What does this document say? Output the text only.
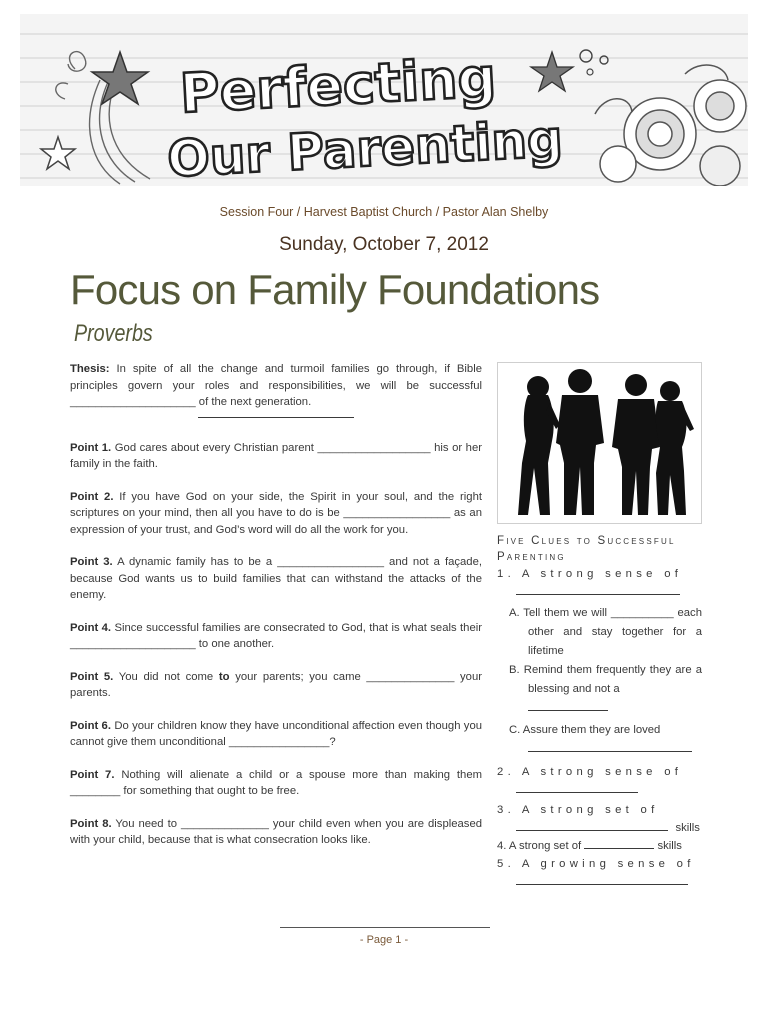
Perfecting
Our Parenting
Session Four / Harvest Baptist Church / Pastor Alan Shelby
Sunday, October 7, 2012
Focus on Family Foundations
Proverbs

Thesis: In spite of all the change and turmoil families go through, if Bible principles govern your roles and responsibilities, we will be successful ____________________ of the next generation.

Point 1. God cares about every Christian parent __________________ his or her family in the faith.

Point 2. If you have God on your side, the Spirit in your soul, and the right scriptures on your mind, then all you have to do is be _________________ as an expression of your trust, and God’s word will do all the work for you.

Point 3. A dynamic family has to be a _________________ and not a façade, because God wants us to build families that can withstand the attacks of the enemy.

Point 4. Since successful families are consecrated to God, that is what seals their ____________________ to one another.

Point 5. You did not come to your parents; you came ______________ your parents.

Point 6. Do your children know they have unconditional affection even though you cannot give them unconditional ________________?

Point 7. Nothing will alienate a child or a spouse more than making them ________ for something that ought to be free.

Point 8. You need to ______________ your child even when you are displeased with your child, because that is what consecration looks like.

Five Clues to Successful Parenting
1. A strong sense of

A. Tell them we will __________ each other and stay together for a lifetime
B. Remind them frequently they are a blessing and not a
C. Assure them they are loved
2. A strong sense of

3. A strong set of
skills
4. A strong set of	skills
5. A growing sense of

- Page 1 -
